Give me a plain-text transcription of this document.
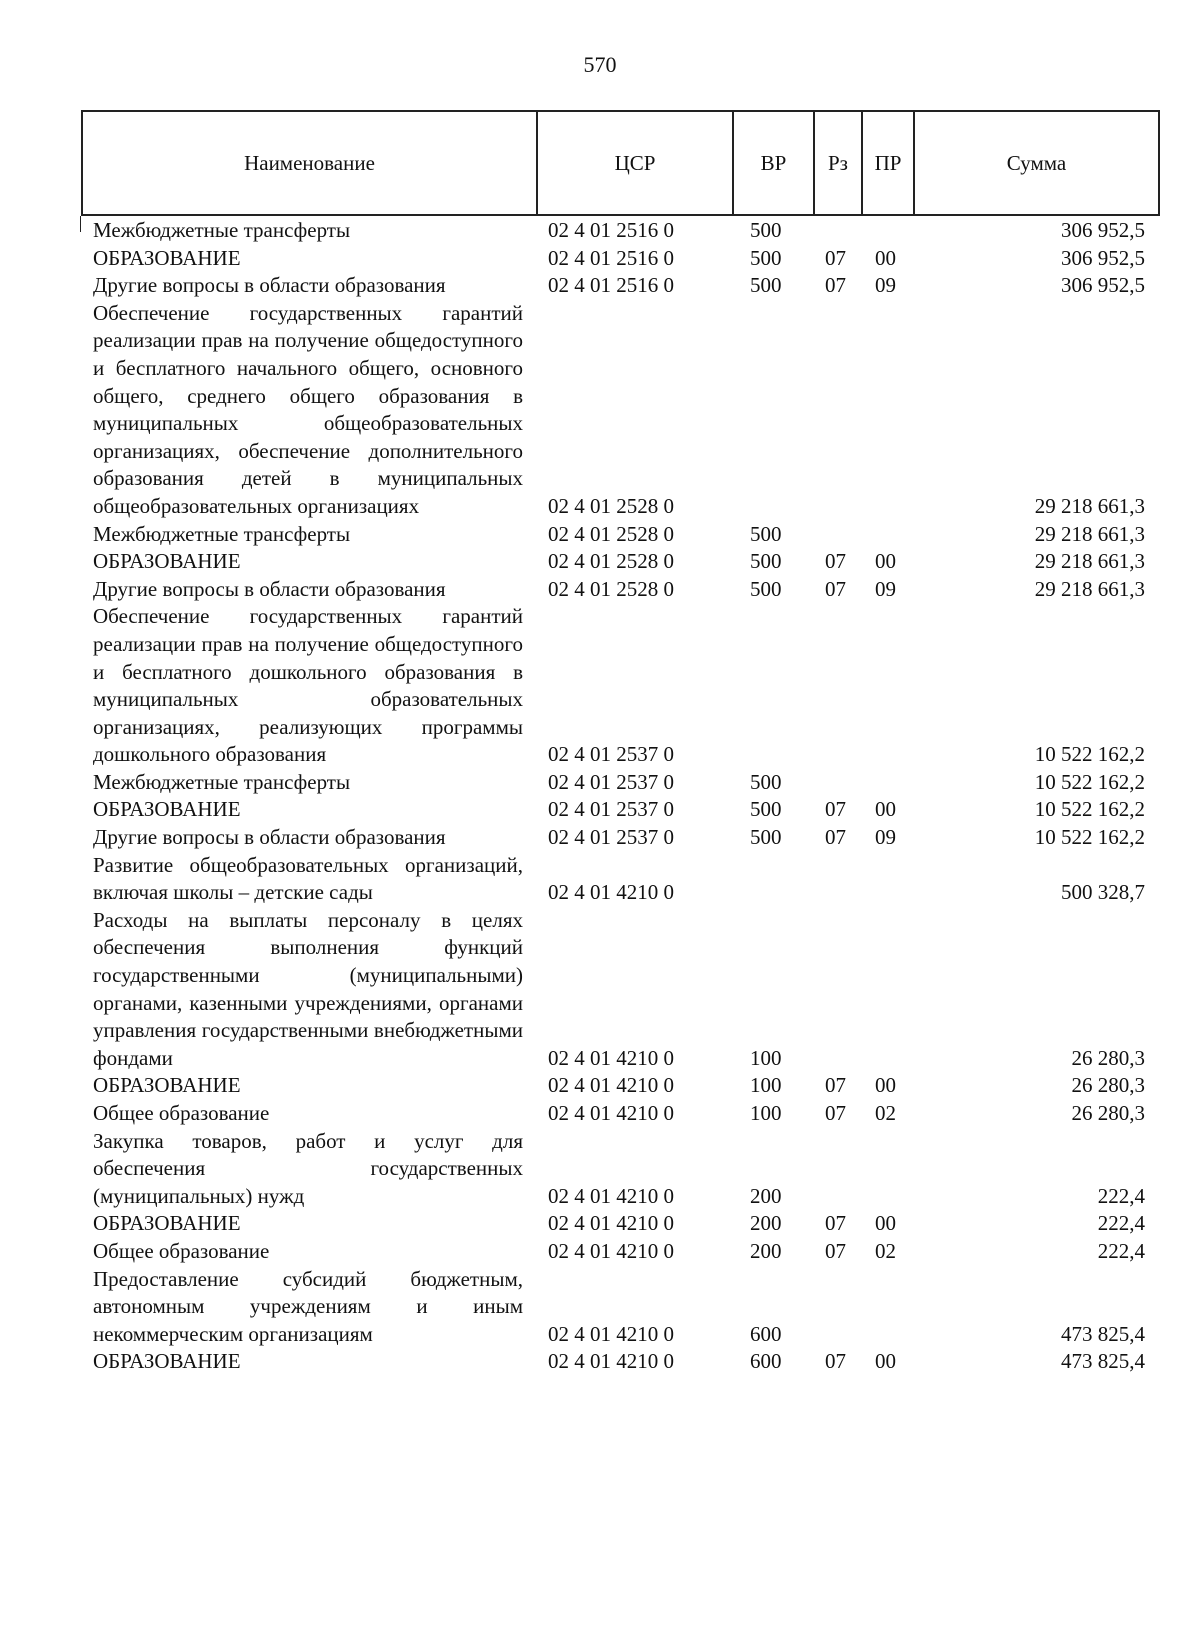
570
Наименование	ЦСР	ВР	Рз	ПР	Сумма
Межбюджетные трансферты	02 4 01 2516 0	500			306 952,5
ОБРАЗОВАНИЕ	02 4 01 2516 0	500	07	00	306 952,5
Другие вопросы в области образования	02 4 01 2516 0	500	07	09	306 952,5
Обеспечение государственных гарантий реализации прав на получение общедоступного и бесплатного начального общего, основного общего, среднего общего образования в муниципальных общеобразовательных организациях, обеспечение дополнительного образования детей в муниципальных общеобразовательных организациях	02 4 01 2528 0				29 218 661,3
Межбюджетные трансферты	02 4 01 2528 0	500			29 218 661,3
ОБРАЗОВАНИЕ	02 4 01 2528 0	500	07	00	29 218 661,3
Другие вопросы в области образования	02 4 01 2528 0	500	07	09	29 218 661,3
Обеспечение государственных гарантий реализации прав на получение общедоступного и бесплатного дошкольного образования в муниципальных образовательных организациях, реализующих программы дошкольного образования	02 4 01 2537 0				10 522 162,2
Межбюджетные трансферты	02 4 01 2537 0	500			10 522 162,2
ОБРАЗОВАНИЕ	02 4 01 2537 0	500	07	00	10 522 162,2
Другие вопросы в области образования	02 4 01 2537 0	500	07	09	10 522 162,2
Развитие общеобразовательных организаций, включая школы – детские сады	02 4 01 4210 0				500 328,7
Расходы на выплаты персоналу в целях обеспечения выполнения функций государственными (муниципальными) органами, казенными учреждениями, органами управления государственными внебюджетными фондами	02 4 01 4210 0	100			26 280,3
ОБРАЗОВАНИЕ	02 4 01 4210 0	100	07	00	26 280,3
Общее образование	02 4 01 4210 0	100	07	02	26 280,3
Закупка товаров, работ и услуг для обеспечения государственных (муниципальных) нужд	02 4 01 4210 0	200			222,4
ОБРАЗОВАНИЕ	02 4 01 4210 0	200	07	00	222,4
Общее образование	02 4 01 4210 0	200	07	02	222,4
Предоставление субсидий бюджетным, автономным учреждениям и иным некоммерческим организациям	02 4 01 4210 0	600			473 825,4
ОБРАЗОВАНИЕ	02 4 01 4210 0	600	07	00	473 825,4
